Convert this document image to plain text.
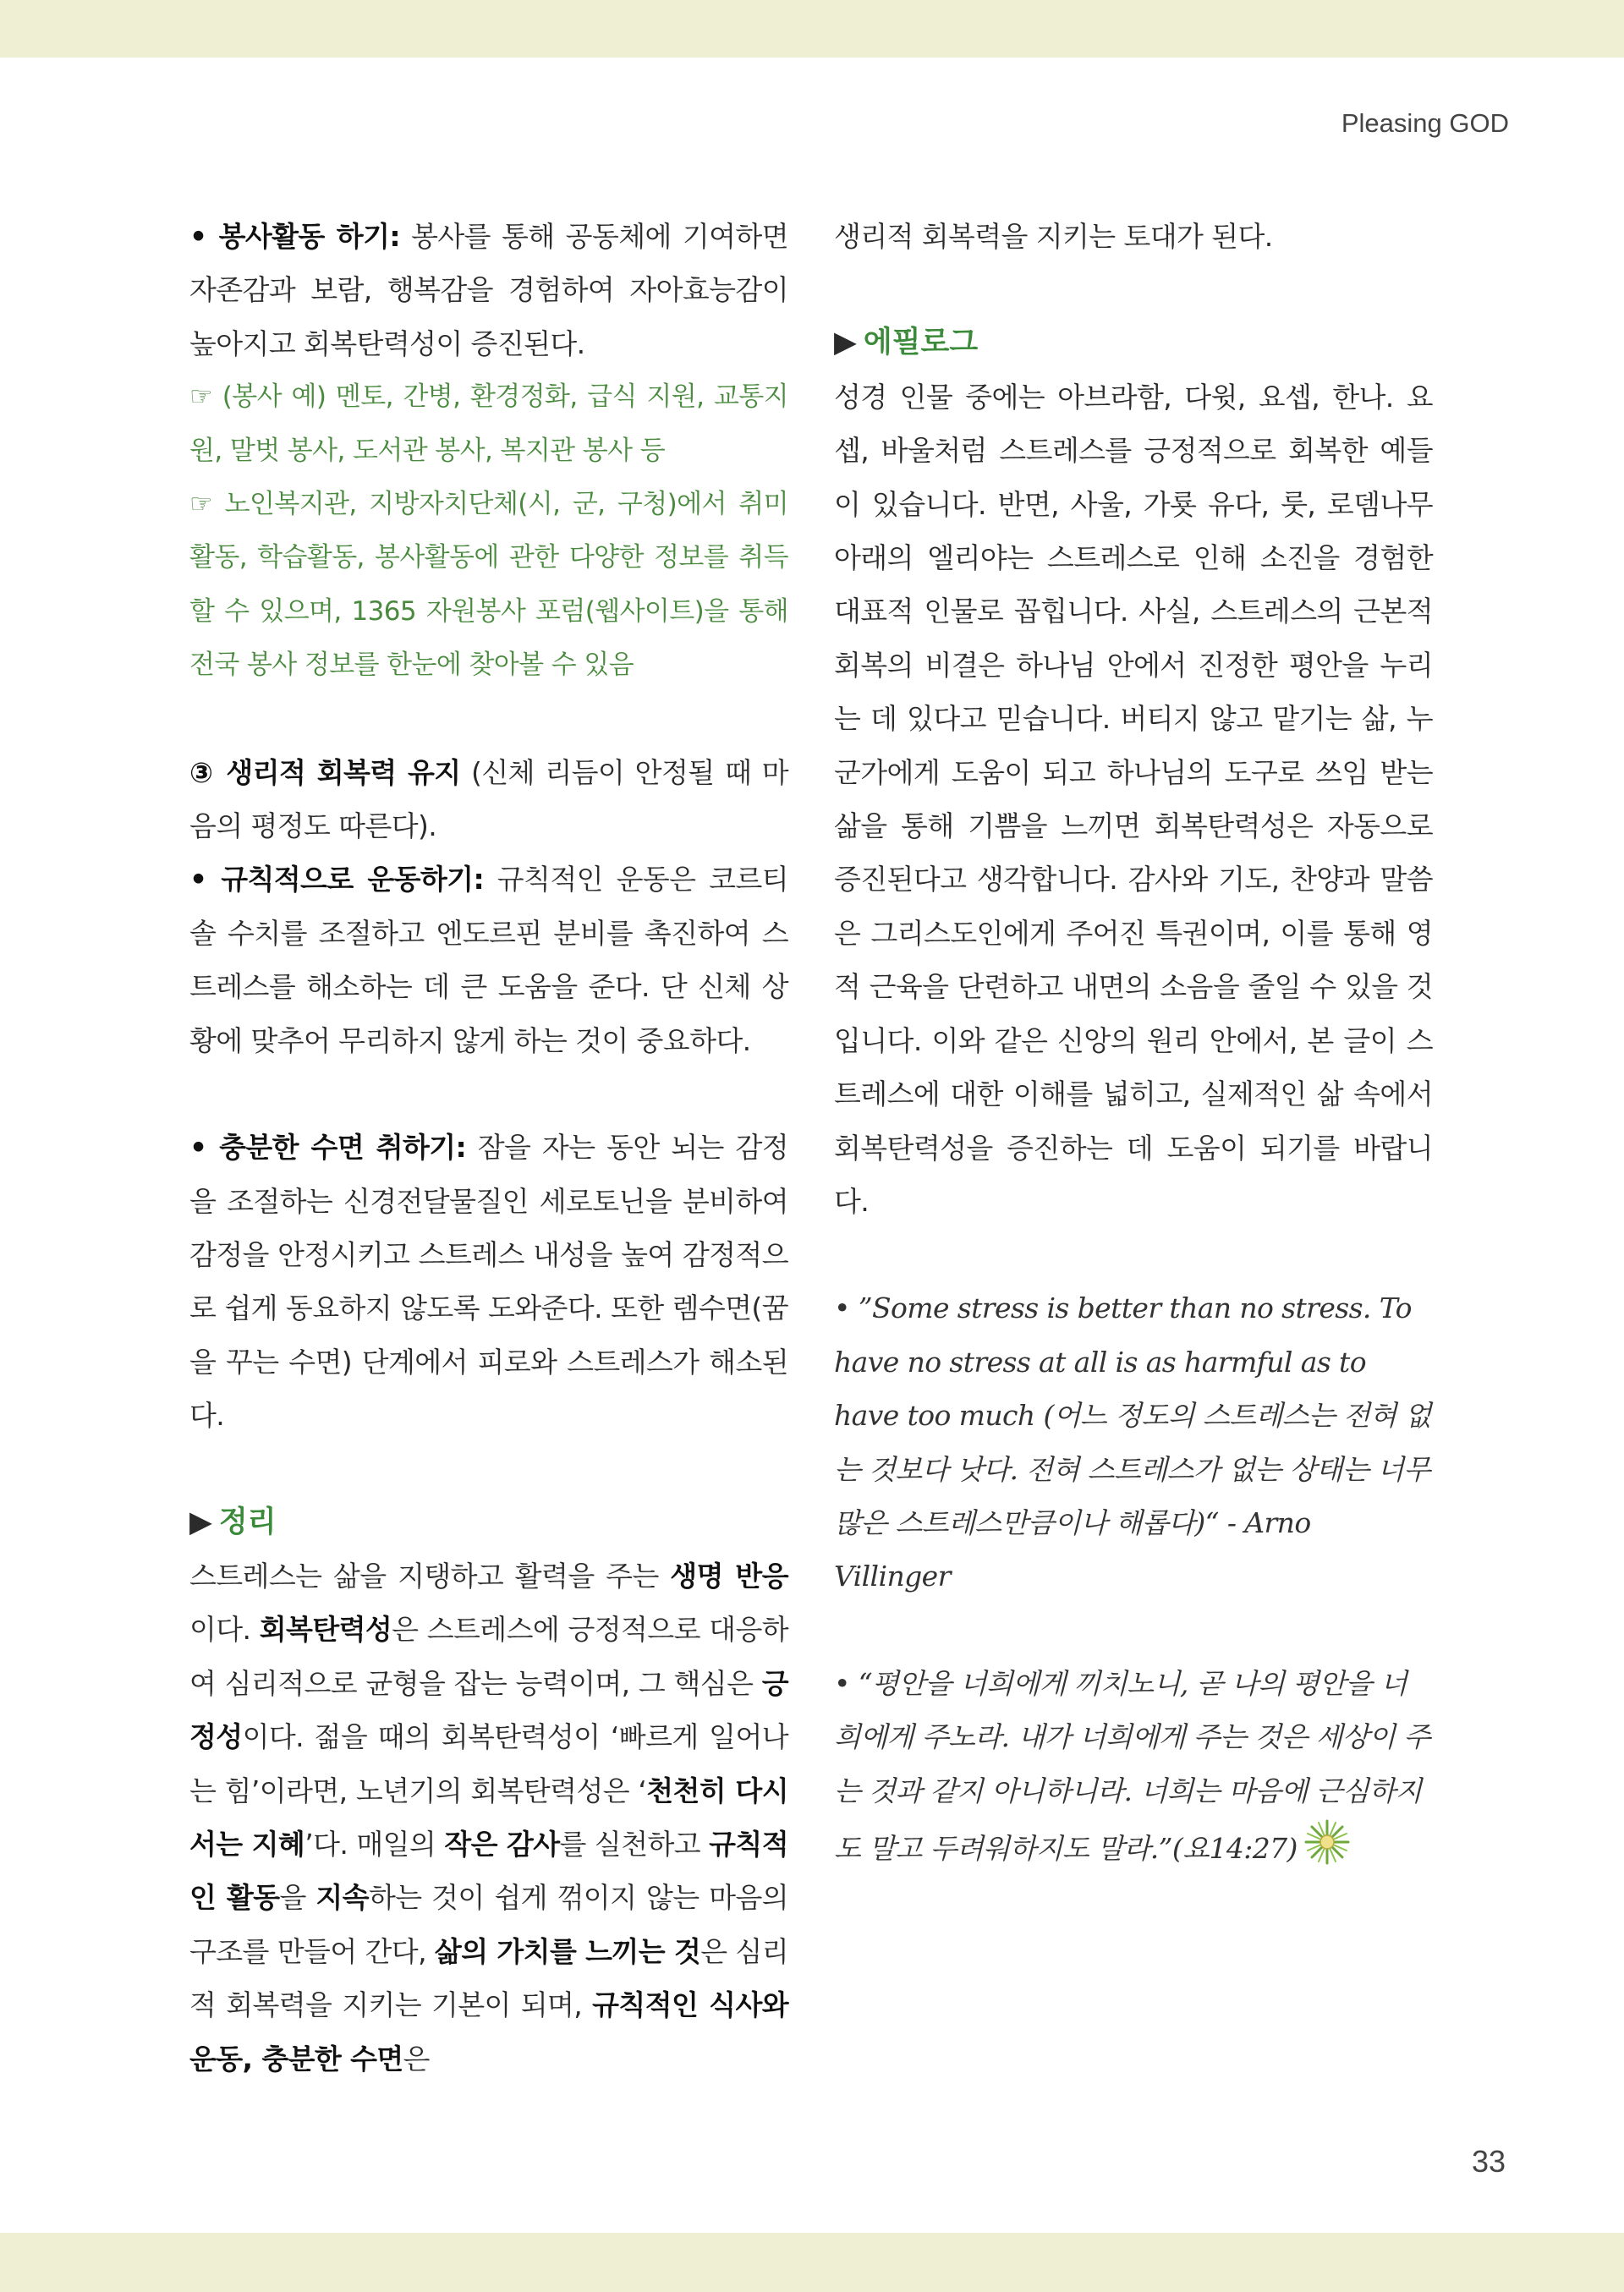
Pleasing GOD

• 봉사활동 하기: 봉사를 통해 공동체에 기여하면 자존감과 보람, 행복감을 경험하여 자아효능감이 높아지고 회복탄력성이 증진된다.

☞ (봉사 예) 멘토, 간병, 환경정화, 급식 지원, 교통지원, 말벗 봉사, 도서관 봉사, 복지관 봉사 등

☞ 노인복지관, 지방자치단체(시, 군, 구청)에서 취미활동, 학습활동, 봉사활동에 관한 다양한 정보를 취득할 수 있으며, 1365 자원봉사 포럼(웹사이트)을 통해 전국 봉사 정보를 한눈에 찾아볼 수 있음

③ 생리적 회복력 유지 (신체 리듬이 안정될 때 마음의 평정도 따른다).

• 규칙적으로 운동하기: 규칙적인 운동은 코르티솔 수치를 조절하고 엔도르핀 분비를 촉진하여 스트레스를 해소하는 데 큰 도움을 준다. 단 신체 상황에 맞추어 무리하지 않게 하는 것이 중요하다.

• 충분한 수면 취하기: 잠을 자는 동안 뇌는 감정을 조절하는 신경전달물질인 세로토닌을 분비하여 감정을 안정시키고 스트레스 내성을 높여 감정적으로 쉽게 동요하지 않도록 도와준다. 또한 렘수면(꿈을 꾸는 수면) 단계에서 피로와 스트레스가 해소된다.

▶ 정리

스트레스는 삶을 지탱하고 활력을 주는 생명 반응이다. 회복탄력성은 스트레스에 긍정적으로 대응하여 심리적으로 균형을 잡는 능력이며, 그 핵심은 긍정성이다. 젊을 때의 회복탄력성이 ‘빠르게 일어나는 힘’이라면, 노년기의 회복탄력성은 ‘천천히 다시 서는 지혜’다. 매일의 작은 감사를 실천하고 규칙적인 활동을 지속하는 것이 쉽게 꺾이지 않는 마음의 구조를 만들어 간다, 삶의 가치를 느끼는 것은 심리적 회복력을 지키는 기본이 되며, 규칙적인 식사와 운동, 충분한 수면은

생리적 회복력을 지키는 토대가 된다.

▶ 에필로그

성경 인물 중에는 아브라함, 다윗, 요셉, 한나. 요셉, 바울처럼 스트레스를 긍정적으로 회복한 예들이 있습니다. 반면, 사울, 가룟 유다, 룻, 로뎀나무 아래의 엘리야는 스트레스로 인해 소진을 경험한 대표적 인물로 꼽힙니다. 사실, 스트레스의 근본적 회복의 비결은 하나님 안에서 진정한 평안을 누리는 데 있다고 믿습니다. 버티지 않고 맡기는 삶, 누군가에게 도움이 되고 하나님의 도구로 쓰임 받는 삶을 통해 기쁨을 느끼면 회복탄력성은 자동으로 증진된다고 생각합니다. 감사와 기도, 찬양과 말씀은 그리스도인에게 주어진 특권이며, 이를 통해 영적 근육을 단련하고 내면의 소음을 줄일 수 있을 것입니다. 이와 같은 신앙의 원리 안에서, 본 글이 스트레스에 대한 이해를 넓히고, 실제적인 삶 속에서 회복탄력성을 증진하는 데 도움이 되기를 바랍니다.

• ”Some stress is better than no stress. To have no stress at all is as harmful as to have too much (어느 정도의 스트레스는 전혀 없는 것보다 낫다. 전혀 스트레스가 없는 상태는 너무 많은 스트레스만큼이나 해롭다)“ - Arno Villinger

• “평안을 너희에게 끼치노니, 곧 나의 평안을 너희에게 주노라. 내가 너희에게 주는 것은 세상이 주는 것과 같지 아니하니라. 너희는 마음에 근심하지도 말고 두려워하지도 말라.”(요14:27)

33
